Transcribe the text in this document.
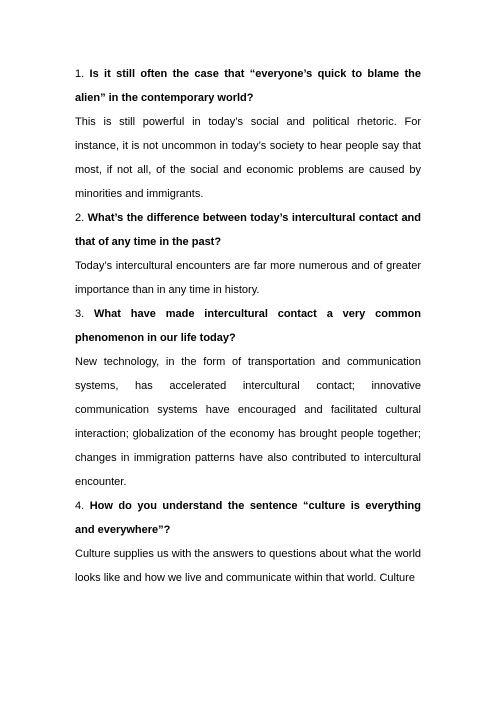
1. Is it still often the case that “everyone’s quick to blame the alien” in the contemporary world?

This is still powerful in today’s social and political rhetoric. For instance, it is not uncommon in today’s society to hear people say that most, if not all, of the social and economic problems are caused by minorities and immigrants.

2. What’s the difference between today’s intercultural contact and that of any time in the past?

Today’s intercultural encounters are far more numerous and of greater importance than in any time in history.

3. What have made intercultural contact a very common phenomenon in our life today?

New technology, in the form of transportation and communication systems, has accelerated intercultural contact; innovative communication systems have encouraged and facilitated cultural interaction; globalization of the economy has brought people together; changes in immigration patterns have also contributed to intercultural encounter.

4. How do you understand the sentence “culture is everything and everywhere”?

Culture supplies us with the answers to questions about what the world looks like and how we live and communicate within that world. Culture
